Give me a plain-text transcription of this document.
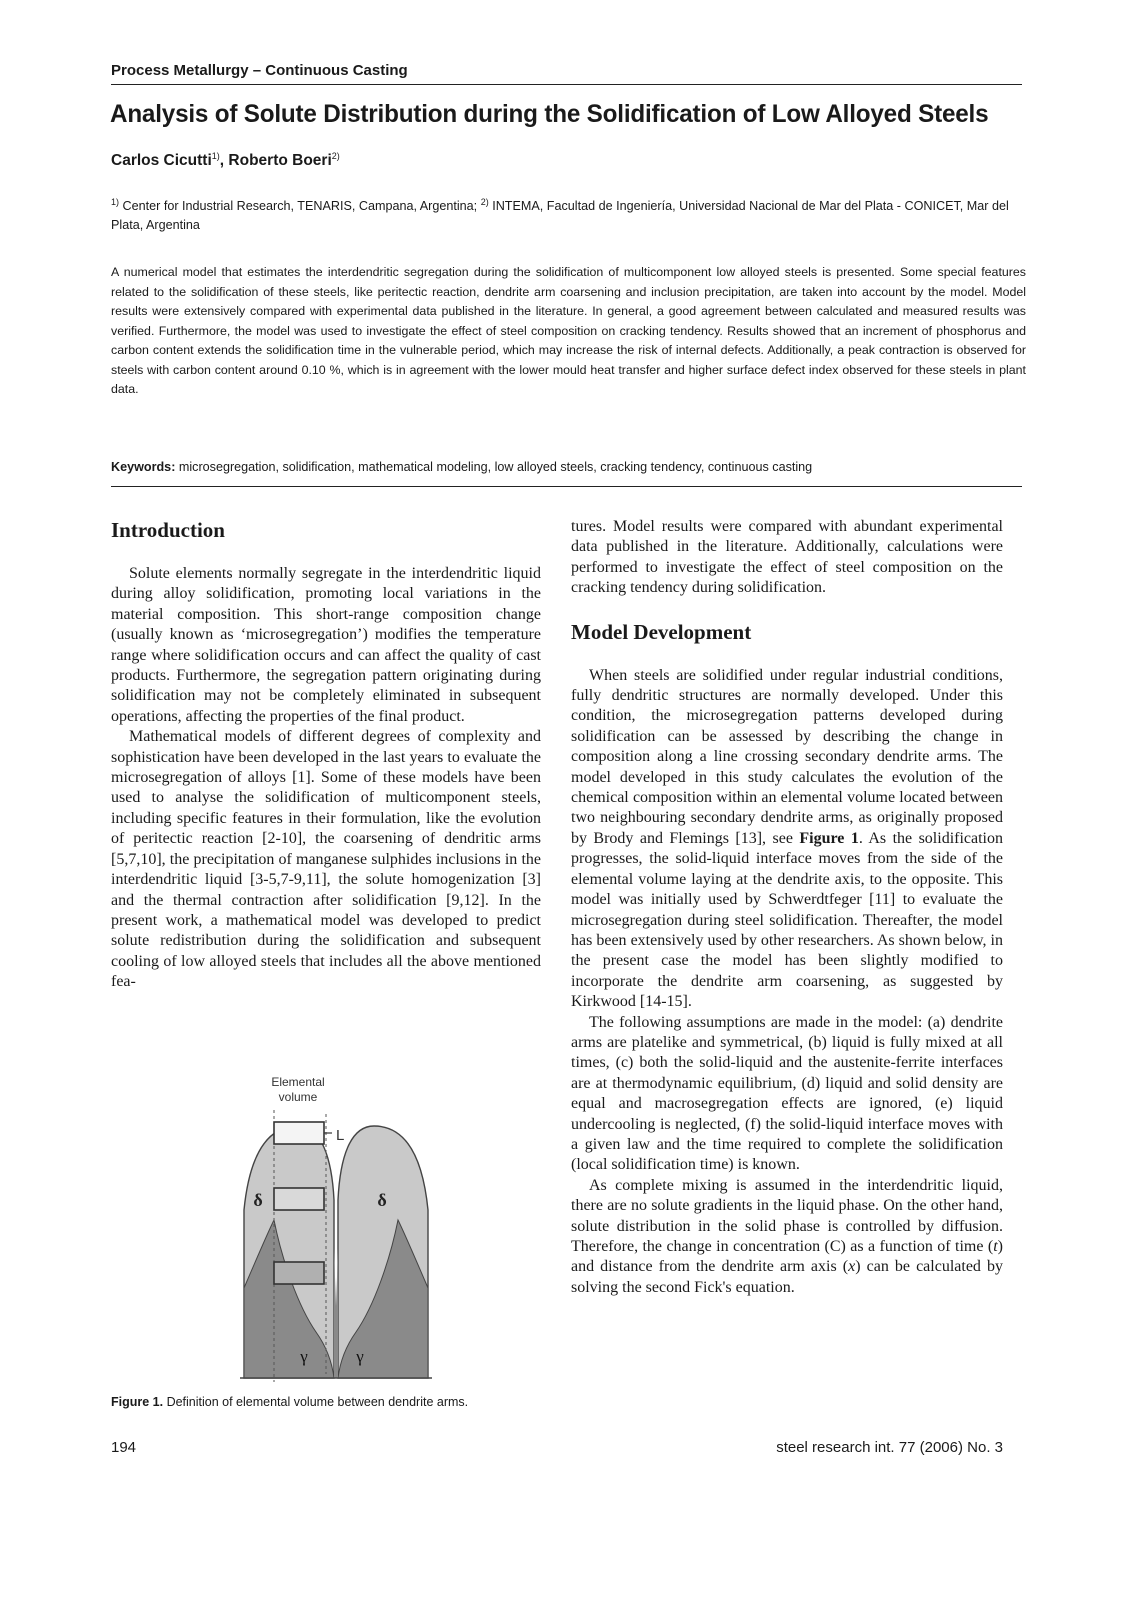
Process Metallurgy – Continuous Casting
Analysis of Solute Distribution during the Solidification of Low Alloyed Steels
Carlos Cicutti$^{1)}$, Roberto Boeri$^{2)}$
$^{1)}$ Center for Industrial Research, TENARIS, Campana, Argentina; $^{2)}$ INTEMA, Facultad de Ingeniería, Universidad Nacional de Mar del Plata - CONICET, Mar del Plata, Argentina
A numerical model that estimates the interdendritic segregation during the solidification of multicomponent low alloyed steels is presented. Some special features related to the solidification of these steels, like peritectic reaction, dendrite arm coarsening and inclusion precipitation, are taken into account by the model. Model results were extensively compared with experimental data published in the literature. In general, a good agreement between calculated and measured results was verified. Furthermore, the model was used to investigate the effect of steel composition on cracking tendency. Results showed that an increment of phosphorus and carbon content extends the solidification time in the vulnerable period, which may increase the risk of internal defects. Additionally, a peak contraction is observed for steels with carbon content around 0.10 %, which is in agreement with the lower mould heat transfer and higher surface defect index observed for these steels in plant data.
Keywords: microsegregation, solidification, mathematical modeling, low alloyed steels, cracking tendency, continuous casting
Introduction

Solute elements normally segregate in the interdendritic liquid during alloy solidification, promoting local variations in the material composition. This short-range composition change (usually known as ‘microsegregation’) modifies the temperature range where solidification occurs and can affect the quality of cast products. Furthermore, the segregation pattern originating during solidification may not be completely eliminated in subsequent operations, affecting the properties of the final product.

Mathematical models of different degrees of complexity and sophistication have been developed in the last years to evaluate the microsegregation of alloys [1]. Some of these models have been used to analyse the solidification of multicomponent steels, including specific features in their formulation, like the evolution of peritectic reaction [2-10], the coarsening of dendritic arms [5,7,10], the precipitation of manganese sulphides inclusions in the interdendritic liquid [3-5,7-9,11], the solute homogenization [3] and the thermal contraction after solidification [9,12]. In the present work, a mathematical model was developed to predict solute redistribution during the solidification and subsequent cooling of low alloyed steels that includes all the above mentioned fea-

tures. Model results were compared with abundant experimental data published in the literature. Additionally, calculations were performed to investigate the effect of steel composition on the cracking tendency during solidification.

Model Development

When steels are solidified under regular industrial conditions, fully dendritic structures are normally developed. Under this condition, the microsegregation patterns developed during solidification can be assessed by describing the change in composition along a line crossing secondary dendrite arms. The model developed in this study calculates the evolution of the chemical composition within an elemental volume located between two neighbouring secondary dendrite arms, as originally proposed by Brody and Flemings [13], see Figure 1. As the solidification progresses, the solid-liquid interface moves from the side of the elemental volume laying at the dendrite axis, to the opposite. This model was initially used by Schwerdtfeger [11] to evaluate the microsegregation during steel solidification. Thereafter, the model has been extensively used by other researchers. As shown below, in the present case the model has been slightly modified to incorporate the dendrite arm coarsening, as suggested by Kirkwood [14-15].

The following assumptions are made in the model: (a) dendrite arms are platelike and symmetrical, (b) liquid is fully mixed at all times, (c) both the solid-liquid and the austenite-ferrite interfaces are at thermodynamic equilibrium, (d) liquid and solid density are equal and macrosegregation effects are ignored, (e) liquid undercooling is neglected, (f) the solid-liquid interface moves with a given law and the time required to complete the solidification (local solidification time) is known.

As complete mixing is assumed in the interdendritic liquid, there are no solute gradients in the liquid phase. On the other hand, solute distribution in the solid phase is controlled by diffusion. Therefore, the change in concentration (C) as a function of time (t) and distance from the dendrite arm axis (x) can be calculated by solving the second Fick's equation.

Elemental
volume
L
δ	δ
γ	γ
Figure 1. Definition of elemental volume between dendrite arms.
194	steel research int. 77 (2006) No. 3
